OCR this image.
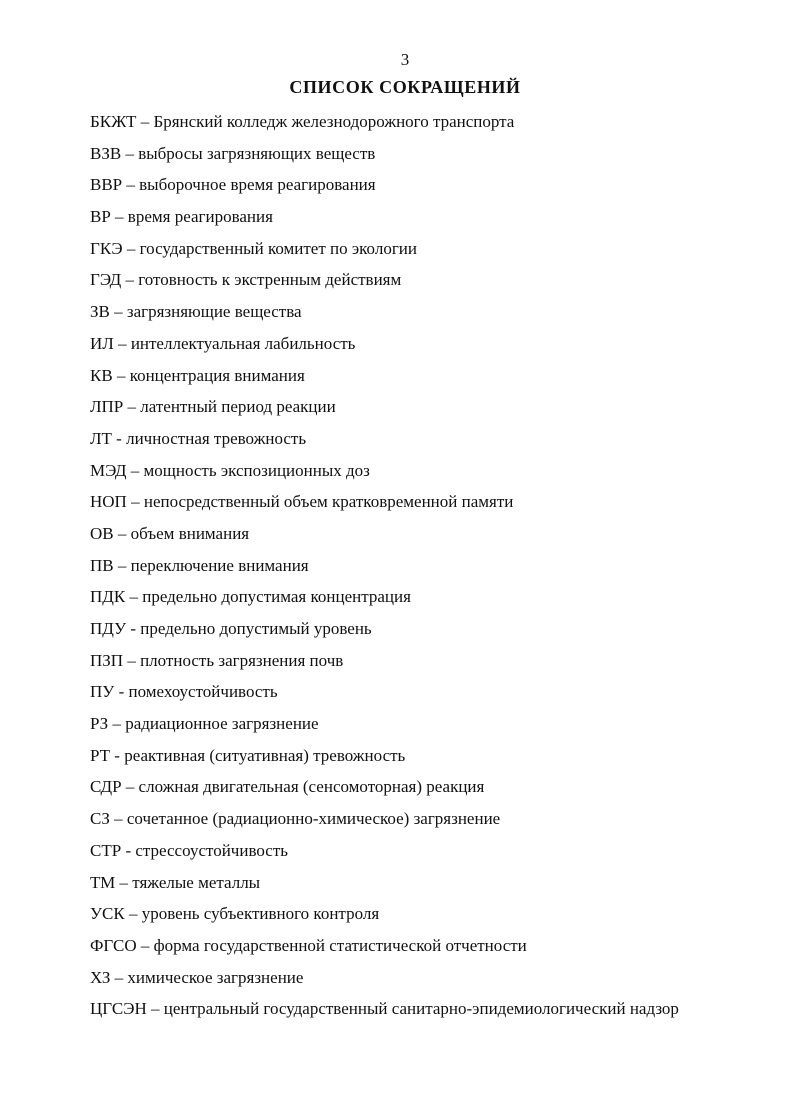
3
СПИСОК СОКРАЩЕНИЙ
БКЖТ – Брянский колледж железнодорожного транспорта
ВЗВ – выбросы загрязняющих веществ
ВВР – выборочное время реагирования
ВР – время реагирования
ГКЭ – государственный комитет по экологии
ГЭД – готовность к экстренным действиям
ЗВ – загрязняющие вещества
ИЛ – интеллектуальная лабильность
КВ – концентрация внимания
ЛПР – латентный период реакции
ЛТ - личностная тревожность
МЭД – мощность экспозиционных доз
НОП – непосредственный объем кратковременной памяти
ОВ – объем внимания
ПВ – переключение внимания
ПДК – предельно допустимая концентрация
ПДУ - предельно допустимый уровень
ПЗП – плотность загрязнения почв
ПУ - помехоустойчивость
РЗ – радиационное загрязнение
РТ - реактивная (ситуативная) тревожность
СДР – сложная двигательная (сенсомоторная) реакция
СЗ – сочетанное (радиационно-химическое) загрязнение
СТР - стрессоустойчивость
ТМ – тяжелые металлы
УСК – уровень субъективного контроля
ФГСО – форма государственной статистической отчетности
ХЗ – химическое загрязнение
ЦГСЭН – центральный государственный санитарно-эпидемиологический надзор
